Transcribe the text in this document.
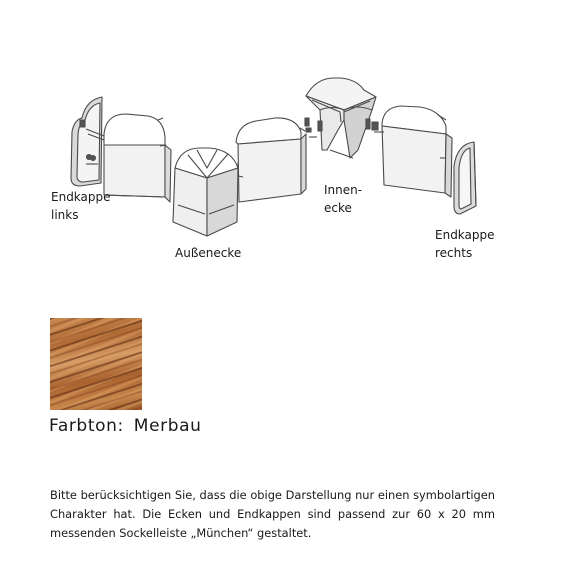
Endkappe
links
Außenecke
Innen-
ecke
Endkappe
rechts
Farbton: Merbau

Bitte berücksichtigen Sie, dass die obige Darstellung nur einen symbolartigen Charakter hat. Die Ecken und Endkappen sind passend zur 60 x 20 mm messenden Sockelleiste „München“ gestaltet.
